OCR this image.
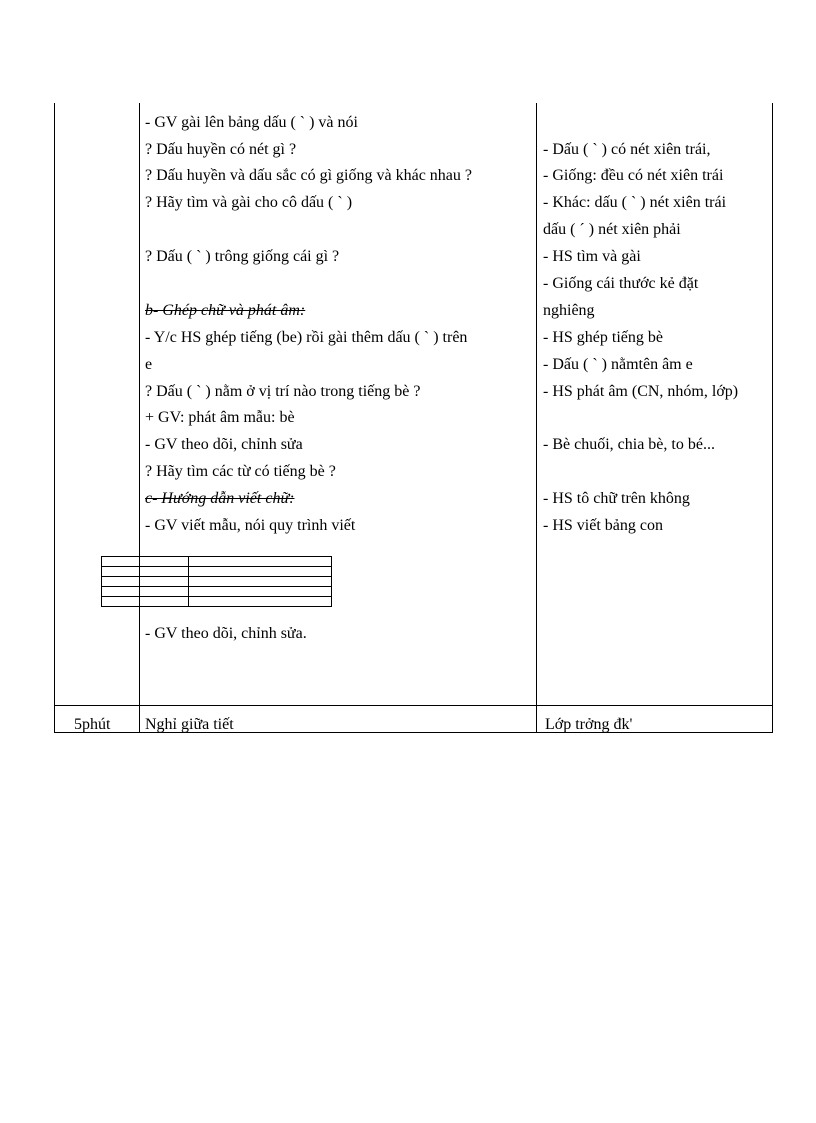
- GV gài lên bảng dấu ( ˋ ) và nói
? Dấu huyền có nét gì ?
? Dấu huyền và dấu sắc có gì giống và khác nhau ?
? Hãy tìm và gài cho cô dấu ( ˋ )
? Dấu ( ˋ ) trông giống cái gì ?
b- Ghép chữ và phát âm:
- Y/c HS ghép tiếng (be) rồi gài thêm dấu ( ˋ ) trên
e
? Dấu ( ˋ ) nằm ở vị trí nào trong tiếng bè ?
+ GV: phát âm mẫu: bè
- GV theo dõi, chỉnh sửa
? Hãy tìm các từ có tiếng bè ?
c- Hướng dẫn viết chữ:
- GV viết mẫu, nói quy trình viết
- GV theo dõi, chỉnh sửa.
- Dấu ( ˋ ) có nét xiên trái,
- Giống: đều có nét xiên trái
- Khác: dấu ( ˋ ) nét xiên trái
dấu ( ˊ ) nét xiên phải
- HS tìm và gài
- Giống cái thước kẻ đặt
nghiêng
- HS ghép tiếng bè
- Dấu ( ˋ ) nằmtên âm e
- HS phát âm (CN, nhóm, lớp)
- Bè chuối, chia bè, to bé...
- HS tô chữ trên không
- HS viết bảng con
5phút Nghỉ giữa tiết	Lớp trởng đk'
